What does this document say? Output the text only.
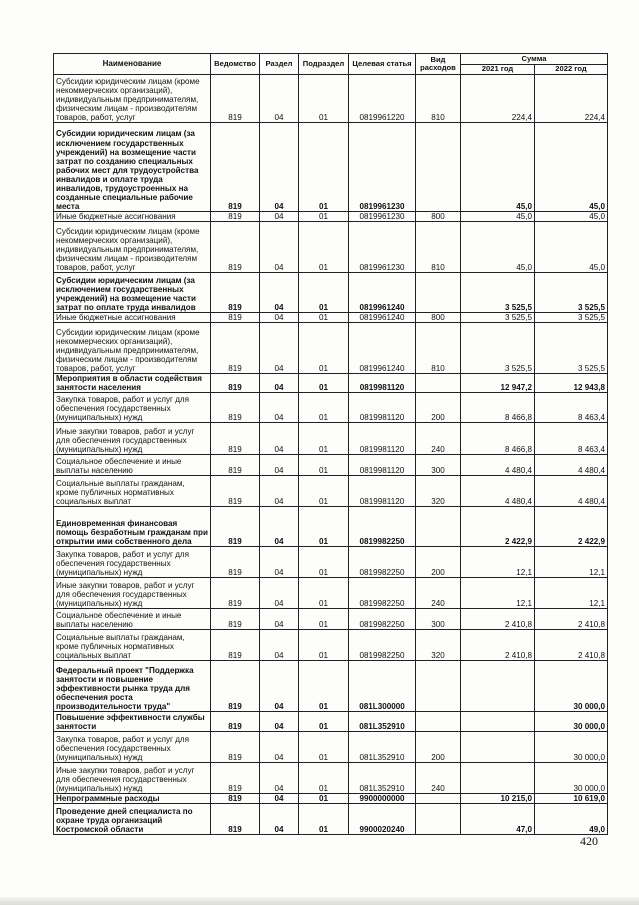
Наименование	Ведомство	Раздел	Подраздел	Целевая статья	Вид расходов	Сумма	
						2021 год	2022 год
Субсидии юридическим лицам (кроме некоммерческих организаций), индивидуальным предпринимателям, физическим лицам - производителям товаров, работ, услуг	819	04	01	0819961220	810	224,4	224,4
Субсидии юридическим лицам (за исключением государственных учреждений) на возмещение части затрат по созданию специальных рабочих мест для трудоустройства инвалидов и оплате труда инвалидов, трудоустроенных на созданные специальные рабочие места	819	04	01	0819961230		45,0	45,0
Иные бюджетные ассигнования	819	04	01	0819961230	800	45,0	45,0
Субсидии юридическим лицам (кроме некоммерческих организаций), индивидуальным предпринимателям, физическим лицам - производителям товаров, работ, услуг	819	04	01	0819961230	810	45,0	45,0
Субсидии юридическим лицам (за исключением государственных учреждений) на возмещение части затрат по оплате труда инвалидов	819	04	01	0819961240		3 525,5	3 525,5
Иные бюджетные ассигнования	819	04	01	0819961240	800	3 525,5	3 525,5
Субсидии юридическим лицам (кроме некоммерческих организаций), индивидуальным предпринимателям, физическим лицам - производителям товаров, работ, услуг	819	04	01	0819961240	810	3 525,5	3 525,5
Мероприятия в области содействия занятости населения	819	04	01	0819981120		12 947,2	12 943,8
Закупка товаров, работ и услуг для обеспечения государственных (муниципальных) нужд	819	04	01	0819981120	200	8 466,8	8 463,4
Иные закупки товаров, работ и услуг для обеспечения государственных (муниципальных) нужд	819	04	01	0819981120	240	8 466,8	8 463,4
Социальное обеспечение и иные выплаты населению	819	04	01	0819981120	300	4 480,4	4 480,4
Социальные выплаты гражданам, кроме публичных нормативных социальных выплат	819	04	01	0819981120	320	4 480,4	4 480,4
Единовременная финансовая помощь безработным гражданам при открытии ими собственного дела	819	04	01	0819982250		2 422,9	2 422,9
Закупка товаров, работ и услуг для обеспечения государственных (муниципальных) нужд	819	04	01	0819982250	200	12,1	12,1
Иные закупки товаров, работ и услуг для обеспечения государственных (муниципальных) нужд	819	04	01	0819982250	240	12,1	12,1
Социальное обеспечение и иные выплаты населению	819	04	01	0819982250	300	2 410,8	2 410,8
Социальные выплаты гражданам, кроме публичных нормативных социальных выплат	819	04	01	0819982250	320	2 410,8	2 410,8
Федеральный проект "Поддержка занятости и повышение эффективности рынка труда для обеспечения роста производительности труда"	819	04	01	081L300000			30 000,0
Повышение эффективности службы занятости	819	04	01	081L352910			30 000,0
Закупка товаров, работ и услуг для обеспечения государственных (муниципальных) нужд	819	04	01	081L352910	200		30 000,0
Иные закупки товаров, работ и услуг для обеспечения государственных (муниципальных) нужд	819	04	01	081L352910	240		30 000,0
Непрограммные расходы	819	04	01	9900000000		10 215,0	10 619,0
Проведение дней специалиста по охране труда организаций Костромской области	819	04	01	9900020240		47,0	49,0
420
